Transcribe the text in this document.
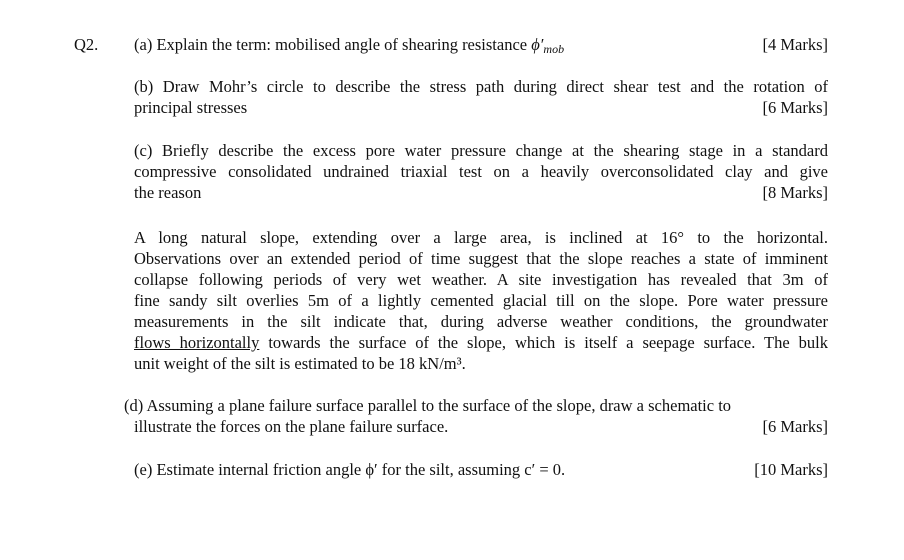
Q2. (a) Explain the term: mobilised angle of shearing resistance ϕ′mob	[4 Marks]
(b) Draw Mohr’s circle to describe the stress path during direct shear test and the rotation of
principal stresses	[6 Marks]
(c) Briefly describe the excess pore water pressure change at the shearing stage in a standard
compressive consolidated undrained triaxial test on a heavily overconsolidated clay and give
the reason	[8 Marks]
A long natural slope, extending over a large area, is inclined at 16° to the horizontal.
Observations over an extended period of time suggest that the slope reaches a state of imminent
collapse following periods of very wet weather. A site investigation has revealed that 3m of
fine sandy silt overlies 5m of a lightly cemented glacial till on the slope. Pore water pressure
measurements in the silt indicate that, during adverse weather conditions, the groundwater
flows horizontally towards the surface of the slope, which is itself a seepage surface. The bulk
unit weight of the silt is estimated to be 18 kN/m³.
(d) Assuming a plane failure surface parallel to the surface of the slope, draw a schematic to
illustrate the forces on the plane failure surface.	[6 Marks]
(e) Estimate internal friction angle ϕ′ for the silt, assuming c′ = 0.	[10 Marks]
